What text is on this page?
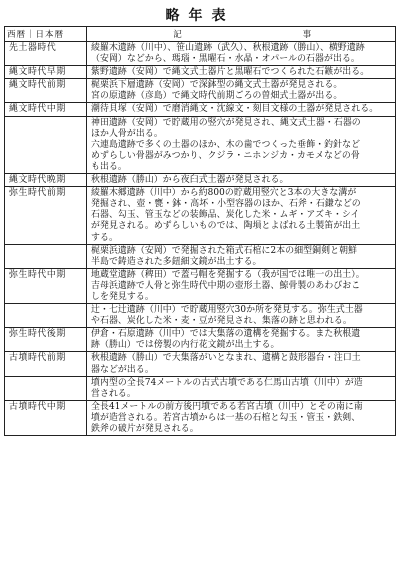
略年表
西暦｜日本暦	記 事

先土器時代	綾羅木遺跡（川中）、笹山遺跡（武久）、秋根遺跡（勝山）、横野遺跡
（安岡）などから、瑪瑙・黒曜石・水晶・オパールの石器が出る。

縄文時代早期	紫野遺跡（安岡）で縄文式土器片と黒曜石でつくられた石鏃が出る。

縄文時代前期	梶栗浜下層遺跡（安岡）で深鉢型の縄文式土器が発見される。
宮の原遺跡（彦島）で縄文時代前期ごろの曽畑式土器が出る。

縄文時代中期	潮待貝塚（安岡）で磨消縄文・沈線文・刻目文様の土器が発見される。

	神田遺跡（安岡）で貯蔵用の竪穴が発見され、縄文式土器・石器の
ほか人骨が出る。
六連島遺跡で多くの土器のほか、木の歯でつくった垂飾・釣針など
めずらしい骨器がみつかり、クジラ・ニホンジカ・カモメなどの骨
も出る。

縄文時代晩期	秋根遺跡（勝山）から夜臼式土器が発見される。

弥生時代前期	綾羅木郷遺跡（川中）から約800の貯蔵用竪穴と3本の大きな溝が
発掘され、壺・甕・鉢・高坏・小型容器のほか、石斧・石鎌などの
石器、勾玉、管玉などの装飾品、炭化した米・ムギ・アズキ・シイ
が発見される。めずらしいものでは、陶塤とよばれる土製笛が出土
する。

	梶栗浜遺跡（安岡）で発掘された箱式石棺に2本の細型銅剣と朝鮮
半島で鋳造された多鈕細文鏡が出土する。

弥生時代中期	地蔵堂遺跡（稗田）で蓋弓帽を発掘する（我が国では唯一の出土）。
吉母浜遺跡で人骨と弥生時代中期の壺形土器、鯨骨製のあわびおこ
しを発見する。

	辻・七辻遺跡（川中）で貯蔵用竪穴30か所を発見する。弥生式土器
や石器、炭化した米・麦・豆が発見され、集落の跡と思われる。

弥生時代後期	伊倉・石原遺跡（川中）では大集落の遺構を発掘する。また秋根遺
跡（勝山）では傍製の内行花文鏡が出土する。

古墳時代前期	秋根遺跡（勝山）で大集落がいとなまれ、遺構と鼓形器台・注口土
器などが出る。

	墳内型の全長74メートルの古式古墳である仁馬山古墳（川中）が造
営される。

古墳時代中期	全長41メートルの前方後円墳である若宮古墳（川中）とその南に南
墳が造営される。若宮古墳からは一基の石棺と勾玉・管玉・鉄剣、
鉄斧の破片が発見される。
